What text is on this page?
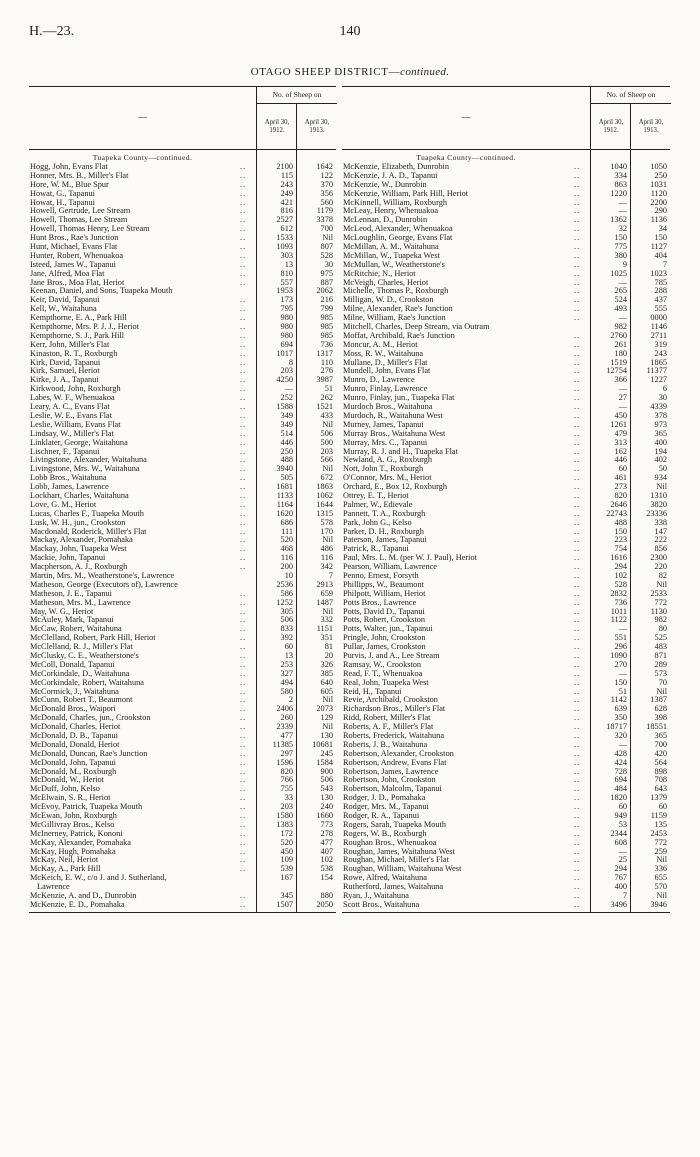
H.—23.	140
OTAGO SHEEP DISTRICT—continued.
—
No. of Sheep on
April 30,
1912.
April 30,
1913.
Tuapeka County—continued.
Hogg, John, Evans Flat	..	2100	1642
Honner, Mrs. B., Miller's Flat	..	115	122
Hore, W. M., Blue Spur	..	243	370
Howat, G., Tapanui	..	249	356
Howat, H., Tapanui	..	421	560
Howell, Gertrude, Lee Stream	..	816	1179
Howell, Thomas, Lee Stream	..	2527	3378
Howell, Thomas Henry, Lee Stream	..	612	700
Hunt Bros., Rae's Junction	..	1533	Nil
Hunt, Michael, Evans Flat	..	1093	807
Hunter, Robert, Whenuakoa	..	303	528
Isteed, James W., Tapanui	..	13	30
Jane, Alfred, Moa Flat	..	810	975
Jane Bros., Moa Flat, Heriot	..	557	887
Keenan, Daniel, and Sons, Tuapeka Mouth	1953	2062
Keir, David, Tapanui	..	173	216
Kell, W., Waitahuna	..	795	799
Kempthorne, E. A., Park Hill	..	980	985
Kempthorne, Mrs. P. J. J., Heriot	..	980	985
Kempthorne, S. J., Park Hill	..	980	985
Kerr, John, Miller's Flat	..	694	736
Kinaston, R. T., Roxburgh	..	1017	1317
Kirk, David, Tapanui	..	8	110
Kirk, Samuel, Heriot	..	203	276
Kirke, J. A., Tapanui	..	4250	3987
Kirkwood, John, Roxburgh	..	—	51
Labes, W. F., Whenuakoa	..	252	262
Leary, A. C., Evans Flat	..	1588	1521
Leslie, W. E., Evans Flat	..	349	433
Leslie, William, Evans Flat	..	349	Nil
Lindsay, W., Miller's Flat	..	514	506
Linklater, George, Waitahuna	..	446	500
Lischner, F., Tapanui	..	250	203
Livingstone, Alexander, Waitahuna	..	488	566
Livingstone, Mrs. W., Waitahuna	..	3940	Nil
Lobb Bros., Waitahuna	..	505	672
Lobb, James, Lawrence	..	1681	1863
Lockhart, Charles, Waitahuna	..	1133	1062
Love, G. M., Heriot	..	1164	1644
Lucas, Charles F., Tuapeka Mouth	..	1620	1315
Lusk, W. H., jun., Crookston	..	686	578
Macdonald, Roderick, Miller's Flat	..	111	170
Mackay, Alexander, Pomahaka	..	520	Nil
Mackay, John, Tuapeka West	..	468	486
Mackie, John, Tapanui	..	116	116
Macpherson, A. J., Roxburgh	..	200	342
Martin, Mrs. M., Weatherstone's, Lawrence	10	7
Matheson, George (Executors of), Lawrence	2536	2913
Matheson, J. E., Tapanui	..	586	659
Matheson, Mrs. M., Lawrence	..	1252	1487
May, W. G., Heriot	..	305	Nil
McAuley, Mark, Tapanui	..	506	332
McCaw, Robert, Waitahuna	..	833	1151
McClelland, Robert, Park Hill, Heriot	..	392	351
McClelland, R. J., Miller's Flat	..	60	81
McClusky, C. E., Weatherstone's	..	13	20
McColl, Donald, Tapanui	..	253	326
McCorkindale, D., Waitahuna	..	327	385
McCorkindale, Robert, Waitahuna	..	494	640
McCormick, J., Waitahuna	..	580	605
McCunn, Robert T., Beaumont	..	2	Nil
McDonald Bros., Waipori	..	2406	2073
McDonald, Charles, jun., Crookston	..	260	129
McDonald, Charles, Heriot	..	2339	Nil
McDonald, D. B., Tapanui	..	477	130
McDonald, Donald, Heriot	..	11385	10681
McDonald, Duncan, Rae's Junction	..	297	245
McDonald, John, Tapanui	..	1596	1584
McDonald, M., Roxburgh	..	820	900
McDonald, W., Heriot	..	766	506
McDuff, John, Kelso	..	755	543
McElwain, S. R., Heriot	..	33	130
McEvoy, Patrick, Tuapeka Mouth	..	203	240
McEwan, John, Roxburgh	..	1580	1660
McGillivray Bros., Kelso	..	1383	773
McInerney, Patrick, Kononi	..	172	278
McKay, Alexander, Pomahaka	..	520	477
McKay, Hugh, Pomahaka	..	450	407
McKay, Neil, Heriot	..	109	102
McKay, A., Park Hill	..	539	538
McKeich, E. W., c/o J. and J. Sutherland,	167	154
Lawrence
McKenzie, A. and D., Dunrobin	..	345	880
McKenzie, E. D., Pomahaka	..	1507	2050
—
No. of Sheep on
April 30,
1912.
April 30,
1913.
Tuapeka County—continued.
McKenzie, Elizabeth, Dunrobin	..	1040	1050
McKenzie, J. A. D., Tapanui	..	334	250
McKenzie, W., Dunrobin	..	863	1031
McKenzie, William, Park Hill, Heriot	..	1220	1120
McKinnell, William, Roxburgh	..	—	2200
McLeay, Henry, Whenuakoa	..	—	290
McLennan, D., Dunrobin	..	1362	1136
McLeod, Alexander, Whenuakoa	..	32	34
McLoughlin, George, Evans Flat	..	150	150
McMillan, A. M., Waitahuna	..	775	1127
McMillan, W., Tuapeka West	..	380	404
McMullan, W., Weatherstone's	..	9	7
McRitchie, N., Heriot	..	1025	1023
McVeigh, Charles, Heriot	..	—	785
Michelle, Thomas P., Roxburgh	..	265	288
Milligan, W. D., Crookston	..	524	437
Milne, Alexander, Rae's Junction	..	493	555
Milne, William, Rae's Junction	..	—	0000
Mitchell, Charles, Deep Stream, via Outram	982	1146
Moffat, Archibald, Rae's Junction	..	2760	2711
Moncur, A. M., Heriot	..	261	319
Moss, R. W., Waitahuna	..	180	243
Mullane, D., Miller's Flat	..	1519	1865
Mundell, John, Evans Flat	..	12754	11377
Munro, D., Lawrence	..	366	1227
Munro, Finlay, Lawrence	..	—	6
Munro, Finlay, jun., Tuapeka Flat	..	27	30
Murdoch Bros., Waitahuna	..	—	4339
Murdoch, R., Waitahuna West	..	450	378
Murney, James, Tapanui	..	1261	973
Murray Bros., Waitahuna West	..	479	365
Murray, Mrs. C., Tapanui	..	313	400
Murray, R. J. and H., Tuapeka Flat	..	162	194
Newland, A. G., Roxburgh	..	446	402
Nott, John T., Roxburgh	..	60	50
O'Connor, Mrs. M., Heriot	..	461	934
Orchard, E., Box 12, Roxburgh	..	273	Nil
Ottrey, E. T., Heriot	..	820	1310
Palmer, W., Edievale	..	2646	3820
Pannett, T. A., Roxburgh	..	22743	23336
Park, John G., Kelso	..	488	338
Parker, D. H., Roxburgh	..	150	147
Paterson, James, Tapanui	..	223	222
Patrick, R., Tapanui	..	754	856
Paul, Mrs. L. M. (per W. J. Paul), Heriot	..	1616	2300
Pearson, William, Lawrence	..	294	220
Penno, Ernest, Forsyth	..	102	82
Phillipps, W., Beaumont	..	528	Nil
Philpott, William, Heriot	..	2832	2533
Potts Bros., Lawrence	..	736	772
Potts, David D., Tapanui	..	1011	1130
Potts, Robert, Crookston	..	1122	982
Potts, Walter, jun., Tapanui	..	—	80
Pringle, John, Crookston	..	551	525
Pullar, James, Crookston	..	296	483
Purvis, J. and A., Lee Stream	..	1090	871
Ramsay, W., Crookston	..	270	289
Read, F. T., Whenuakoa	..	—	573
Real, John, Tuapeka West	..	150	70
Reid, H., Tapanui	..	51	Nil
Revie, Archibald, Crookston	..	1142	1387
Richardson Bros., Miller's Flat	..	639	628
Ridd, Robert, Miller's Flat	..	350	398
Roberts, A. F., Miller's Flat	..	18717	18551
Roberts, Frederick, Waitahuna	..	320	365
Roberts, J. B., Waitahuna	..	—	700
Robertson, Alexander, Crookston	..	428	420
Robertson, Andrew, Evans Flat	..	424	564
Robertson, James, Lawrence	..	728	898
Robertson, John, Crookston	..	694	708
Robertson, Malcolm, Tapanui	..	484	643
Rodger, J. D., Pomahaka	..	1820	1379
Rodger, Mrs. M., Tapanui	..	60	60
Rodger, R. A., Tapanui	..	949	1159
Rogers, Sarah, Tuapeka Mouth	..	53	135
Rogers, W. B., Roxburgh	..	2344	2453
Roughan Bros., Whenuakoa	..	608	772
Roughan, James, Waitahuna West	..	—	259
Roughan, Michael, Miller's Flat	..	25	Nil
Roughan, William, Waitahuna West	..	294	336
Rowe, Alfred, Waitahuna	..	767	655
Rutherford, James, Waitahuna	..	400	570
Ryan, J., Waitahuna	..	7	Nil
Scott Bros., Waitahuna	..	3496	3946
